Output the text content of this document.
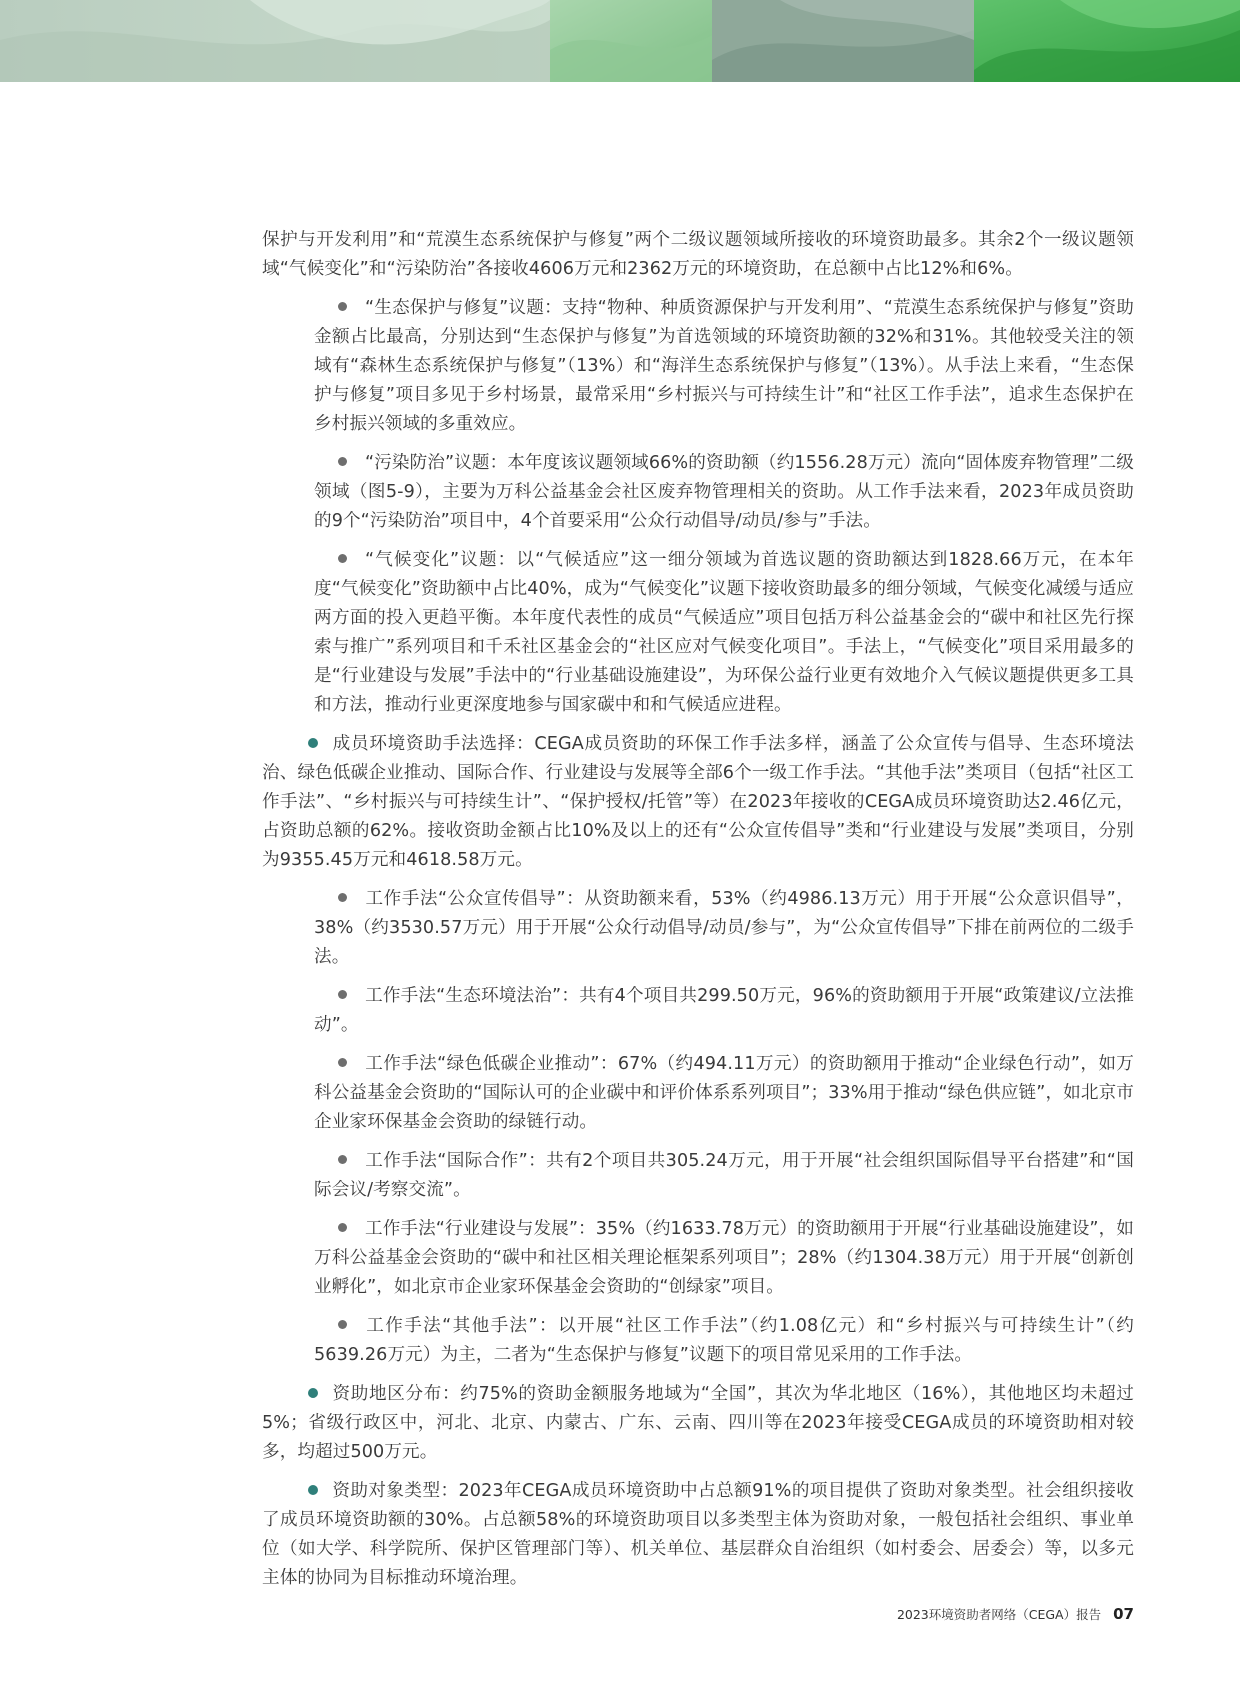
保护与开发利用”和“荒漠生态系统保护与修复”两个二级议题领域所接收的环境资助最多。其余2个一级议题领域“气候变化”和“污染防治”各接收4606万元和2362万元的环境资助，在总额中占比12%和6%。

“生态保护与修复”议题：支持“物种、种质资源保护与开发利用”、“荒漠生态系统保护与修复”资助金额占比最高，分别达到“生态保护与修复”为首选领域的环境资助额的32%和31%。其他较受关注的领域有“森林生态系统保护与修复”（13%）和“海洋生态系统保护与修复”（13%）。从手法上来看，“生态保护与修复”项目多见于乡村场景，最常采用“乡村振兴与可持续生计”和“社区工作手法”，追求生态保护在乡村振兴领域的多重效应。

“污染防治”议题：本年度该议题领域66%的资助额（约1556.28万元）流向“固体废弃物管理”二级领域（图5-9），主要为万科公益基金会社区废弃物管理相关的资助。从工作手法来看，2023年成员资助的9个“污染防治”项目中，4个首要采用“公众行动倡导/动员/参与”手法。

“气候变化”议题：以“气候适应”这一细分领域为首选议题的资助额达到1828.66万元，在本年度“气候变化”资助额中占比40%，成为“气候变化”议题下接收资助最多的细分领域，气候变化减缓与适应两方面的投入更趋平衡。本年度代表性的成员“气候适应”项目包括万科公益基金会的“碳中和社区先行探索与推广”系列项目和千禾社区基金会的“社区应对气候变化项目”。手法上，“气候变化”项目采用最多的是“行业建设与发展”手法中的“行业基础设施建设”，为环保公益行业更有效地介入气候议题提供更多工具和方法，推动行业更深度地参与国家碳中和和气候适应进程。

成员环境资助手法选择：CEGA成员资助的环保工作手法多样，涵盖了公众宣传与倡导、生态环境法治、绿色低碳企业推动、国际合作、行业建设与发展等全部6个一级工作手法。“其他手法”类项目（包括“社区工作手法”、“乡村振兴与可持续生计”、“保护授权/托管”等）在2023年接收的CEGA成员环境资助达2.46亿元，占资助总额的62%。接收资助金额占比10%及以上的还有“公众宣传倡导”类和“行业建设与发展”类项目，分别为9355.45万元和4618.58万元。

工作手法“公众宣传倡导”：从资助额来看，53%（约4986.13万元）用于开展“公众意识倡导”，38%（约3530.57万元）用于开展“公众行动倡导/动员/参与”，为“公众宣传倡导”下排在前两位的二级手法。

工作手法“生态环境法治”：共有4个项目共299.50万元，96%的资助额用于开展“政策建议/立法推动”。

工作手法“绿色低碳企业推动”：67%（约494.11万元）的资助额用于推动“企业绿色行动”，如万科公益基金会资助的“国际认可的企业碳中和评价体系系列项目”；33%用于推动“绿色供应链”，如北京市企业家环保基金会资助的绿链行动。

工作手法“国际合作”：共有2个项目共305.24万元，用于开展“社会组织国际倡导平台搭建”和“国际会议/考察交流”。

工作手法“行业建设与发展”：35%（约1633.78万元）的资助额用于开展“行业基础设施建设”，如万科公益基金会资助的“碳中和社区相关理论框架系列项目”；28%（约1304.38万元）用于开展“创新创业孵化”，如北京市企业家环保基金会资助的“创绿家”项目。

工作手法“其他手法”：以开展“社区工作手法”（约1.08亿元）和“乡村振兴与可持续生计”（约5639.26万元）为主，二者为“生态保护与修复”议题下的项目常见采用的工作手法。

资助地区分布：约75%的资助金额服务地域为“全国”，其次为华北地区（16%），其他地区均未超过5%；省级行政区中，河北、北京、内蒙古、广东、云南、四川等在2023年接受CEGA成员的环境资助相对较多，均超过500万元。

资助对象类型：2023年CEGA成员环境资助中占总额91%的项目提供了资助对象类型。社会组织接收了成员环境资助额的30%。占总额58%的环境资助项目以多类型主体为资助对象，一般包括社会组织、事业单位（如大学、科学院所、保护区管理部门等）、机关单位、基层群众自治组织（如村委会、居委会）等，以多元主体的协同为目标推动环境治理。

2023环境资助者网络（CEGA）报告 07
